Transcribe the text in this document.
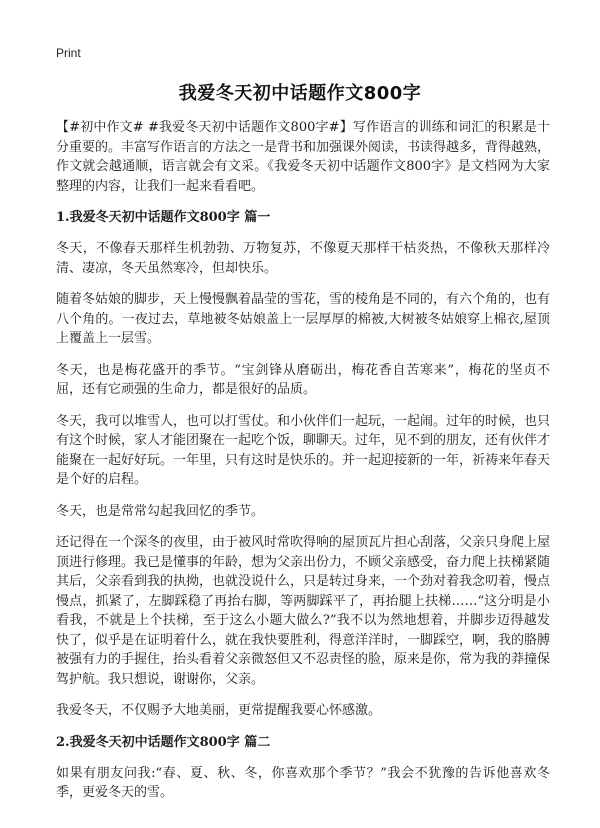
Print
我爱冬天初中话题作文800字

【#初中作文# #我爱冬天初中话题作文800字#】写作语言的训练和词汇的积累是十分重要的。丰富写作语言的方法之一是背书和加强课外阅读，书读得越多，背得越熟，作文就会越通顺，语言就会有文采。《我爱冬天初中话题作文800字》是文档网为大家整理的内容，让我们一起来看看吧。

1.我爱冬天初中话题作文800字 篇一

冬天，不像春天那样生机勃勃、万物复苏，不像夏天那样干枯炎热，不像秋天那样冷清、凄凉，冬天虽然寒冷，但却快乐。

随着冬姑娘的脚步，天上慢慢飘着晶莹的雪花，雪的棱角是不同的，有六个角的，也有八个角的。一夜过去，草地被冬姑娘盖上一层厚厚的棉被,大树被冬姑娘穿上棉衣,屋顶上覆盖上一层雪。

冬天，也是梅花盛开的季节。“宝剑锋从磨砺出，梅花香自苦寒来”，梅花的坚贞不屈，还有它顽强的生命力，都是很好的品质。

冬天，我可以堆雪人，也可以打雪仗。和小伙伴们一起玩，一起闹。过年的时候，也只有这个时候，家人才能团聚在一起吃个饭，聊聊天。过年，见不到的朋友，还有伙伴才能聚在一起好好玩。一年里，只有这时是快乐的。并一起迎接新的一年，祈祷来年春天是个好的启程。

冬天，也是常常勾起我回忆的季节。

还记得在一个深冬的夜里，由于被风时常吹得响的屋顶瓦片担心刮落，父亲只身爬上屋顶进行修理。我已是懂事的年龄，想为父亲出份力，不顾父亲感受，奋力爬上扶梯紧随其后，父亲看到我的执拗，也就没说什么，只是转过身来，一个劲对着我念叨着，慢点慢点，抓紧了，左脚踩稳了再抬右脚，等两脚踩平了，再抬腿上扶梯……“这分明是小看我，不就是上个扶梯，至于这么小题大做么?”我不以为然地想着，并脚步迈得越发快了，似乎是在证明着什么，就在我快要胜利，得意洋洋时，一脚踩空，啊，我的胳膊被强有力的手握住，抬头看着父亲微怒但又不忍责怪的脸，原来是你，常为我的莽撞保驾护航。我只想说，谢谢你，父亲。

我爱冬天，不仅赐予大地美丽，更常提醒我要心怀感激。

2.我爱冬天初中话题作文800字 篇二

如果有朋友问我:“春、夏、秋、冬，你喜欢那个季节？”我会不犹豫的告诉他喜欢冬季，更爱冬天的雪。
